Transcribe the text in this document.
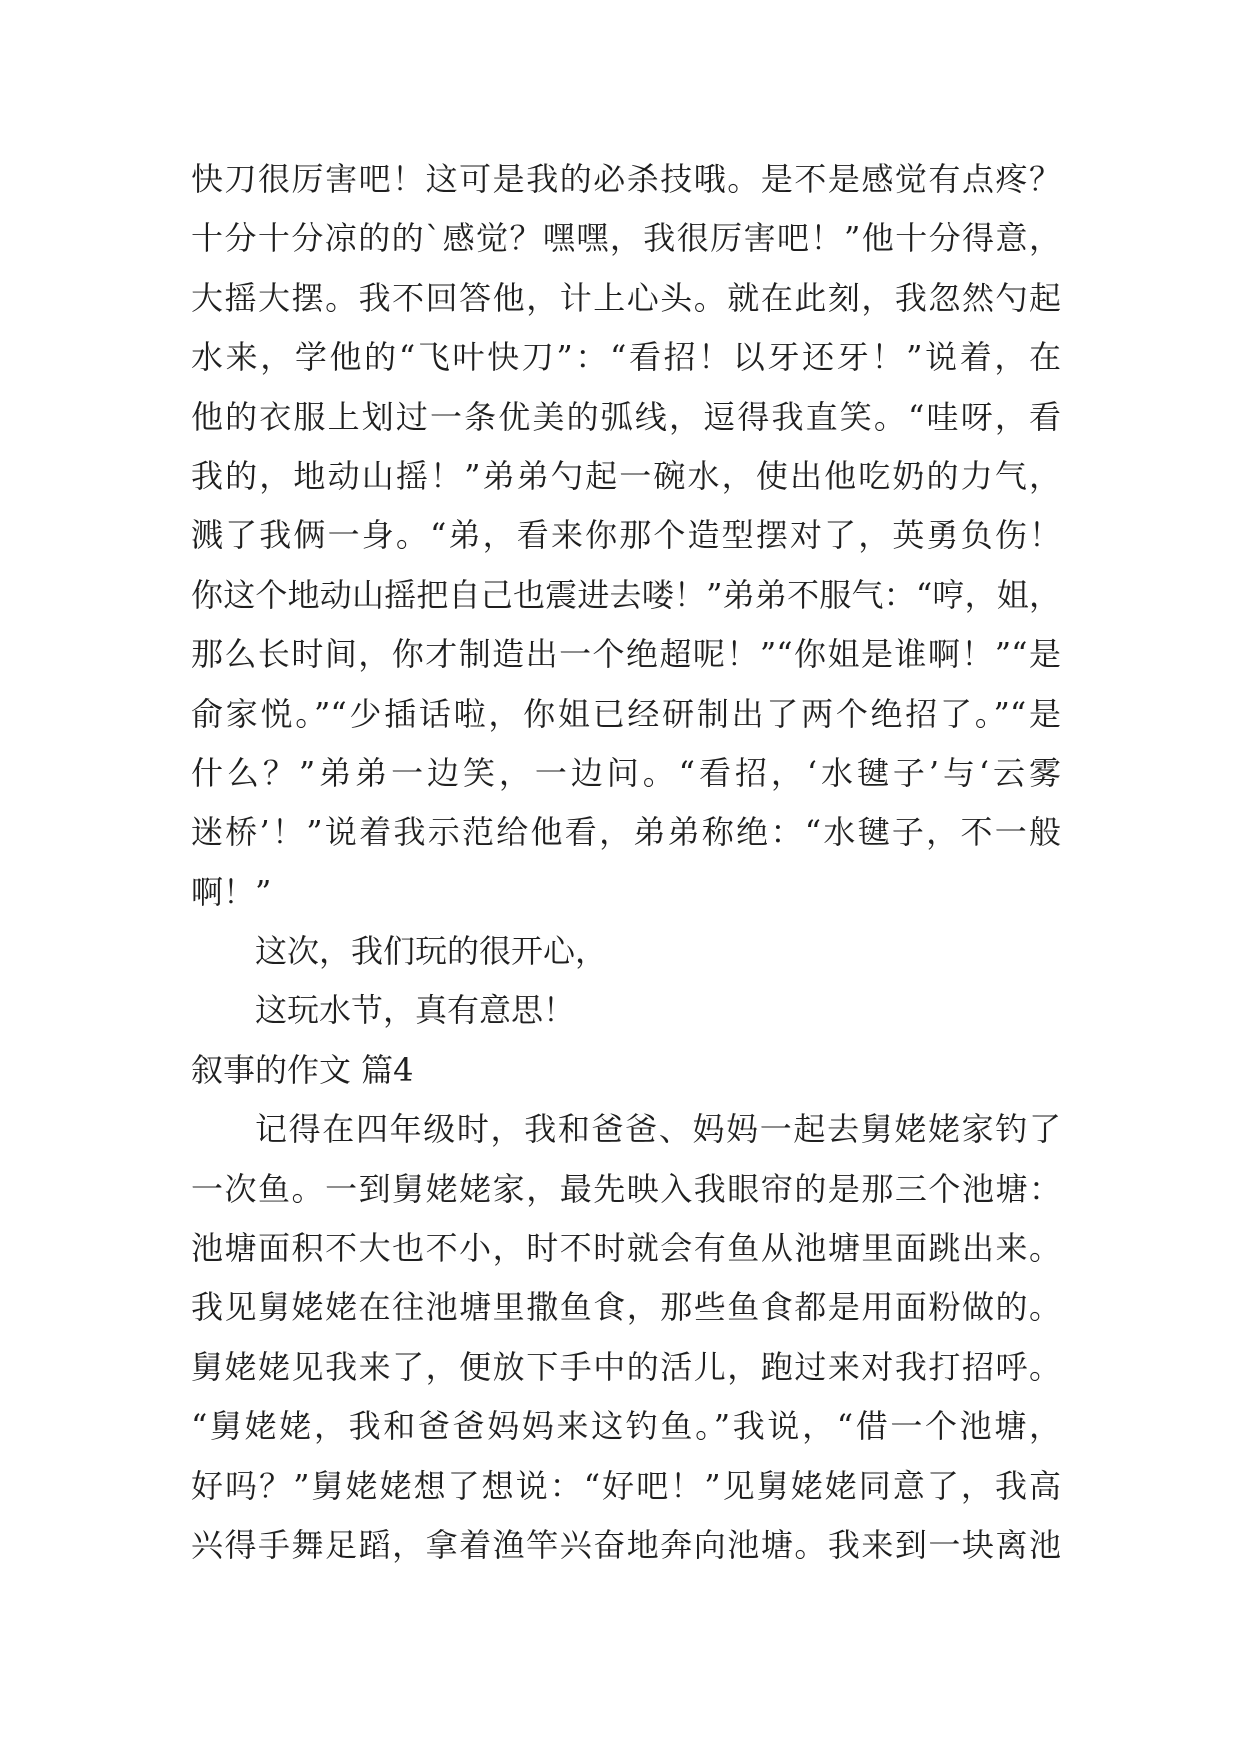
快刀很厉害吧！这可是我的必杀技哦。是不是感觉有点疼？
十分十分凉的的`感觉？嘿嘿，我很厉害吧！”他十分得意，
大摇大摆。我不回答他，计上心头。就在此刻，我忽然勺起
水来，学他的“飞叶快刀”：“看招！以牙还牙！”说着，在
他的衣服上划过一条优美的弧线，逗得我直笑。“哇呀，看
我的，地动山摇！”弟弟勺起一碗水，使出他吃奶的力气，
溅了我俩一身。“弟，看来你那个造型摆对了，英勇负伤！
你这个地动山摇把自己也震进去喽！”弟弟不服气：“哼，姐，
那么长时间，你才制造出一个绝超呢！”“你姐是谁啊！”“是
俞家悦。”“少插话啦，你姐已经研制出了两个绝招了。”“是
什么？”弟弟一边笑，一边问。“看招，‘水毽子’与‘云雾
迷桥’！”说着我示范给他看，弟弟称绝：“水毽子，不一般
啊！”
这次，我们玩的很开心，
这玩水节，真有意思！
叙事的作文 篇4
记得在四年级时，我和爸爸、妈妈一起去舅姥姥家钓了
一次鱼。一到舅姥姥家，最先映入我眼帘的是那三个池塘：
池塘面积不大也不小，时不时就会有鱼从池塘里面跳出来。
我见舅姥姥在往池塘里撒鱼食，那些鱼食都是用面粉做的。
舅姥姥见我来了，便放下手中的活儿，跑过来对我打招呼。
“舅姥姥，我和爸爸妈妈来这钓鱼。”我说，“借一个池塘，
好吗？”舅姥姥想了想说：“好吧！”见舅姥姥同意了，我高
兴得手舞足蹈，拿着渔竿兴奋地奔向池塘。我来到一块离池
